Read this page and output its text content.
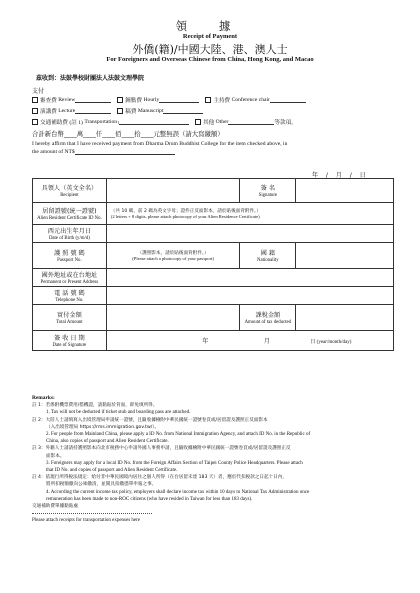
領 據
Receipt of Payment
外僑(籍)/中國大陸、港、澳人士
For Foreigners and Overseas Chinese from China, Hong Kong, and Macao
茲收到：法鼓學校財團法人法鼓文理學院
支付
審查費
Review	鐘點費
Hourly	主持費
Conference chair
演講費
Lecture	稿費
Manuscript
交通補助費
(註 1)
Transportation 1	其他
Other	等款項。
合計新台幣____萬____仟____佰____拾____元整無誤（請大寫繳額）
I hereby affirm that I have received payment from Dharma Drum Buddhist College for the item checked above, in
the amount of NT$
年 / 月 / 日
具領人（英文全名）
Recipient		簽 名
Signature	

居留證號(統一證號)
Alien Resident Certificate ID No.	（共 10 碼，前 2 碼為英文字母；證件正反面影本，請於貼後面背附件。）
(2 letters + 8 digits, please attach photocopy of your Alien Residence Certificate)		

西元出生年月日
Date of Birth (y/m/d)			

護 照 號 碼
Passport No.	（護照影本，請於貼後面背附件。）
(Please attach a photocopy of your passport)	國 籍
Nationality	

國外地址或在台地址
Permanent or Present Address			

電 話 號 碼
Telephone No.			

實付金額
Total Amount		課稅金額
Amount of tax deducted	

簽 收 日 期
Date of Signature	年 月 日 (year/month/day)		

Remarks:

註 1：若係附機票費用/搭機證，請黏貼於背面，即免填所得。

1. Tax will not be deducted if ticket stub and boarding pass are attached.

註 2：大陸人士請填寫入出境管理局申請統一證號，且隨收據檢附中華民國統一證號卷頁或/居留證及護照正反面影本

（入出境管理局 https://rms.immigration.gov.tw/）。

2. For people from Mainland China, please apply a ID No. from National Immigration Agency, and attach ID No. in the Republic of

China, also copies of passport and Alien Resident Certificate.

註 3：外籍人士請請持護照影本向北市稅務中心申請外國人事務申請，且隨收據檢附中華民國統一證號卷頁或/居留證及護照正反

面影本。

3. Foreigners may apply for a local ID No. from the Foreign Affairs Section of Taipei County Police Headquarters. Please attach

that ID No. and copies of passport and Alien Resident Certificate.

註 4：依現行所得稅法規定：給付非中華民國境內居住之個人所得（在台居留未達 183 天）者，應於代扣稅款之日起十日內，

將所扣稅額繳向公庫繳清，並開具扣繳憑單申報之事。

4. According the current income tax policy, employers shall declare income tax within 10 days to National Tax Administration once

remuneration has been made to non-ROC citizens (who have resided in Taiwan for less than 183 days).

交通補助費單據黏貼處

Please attach receipts for transportation expenses here
